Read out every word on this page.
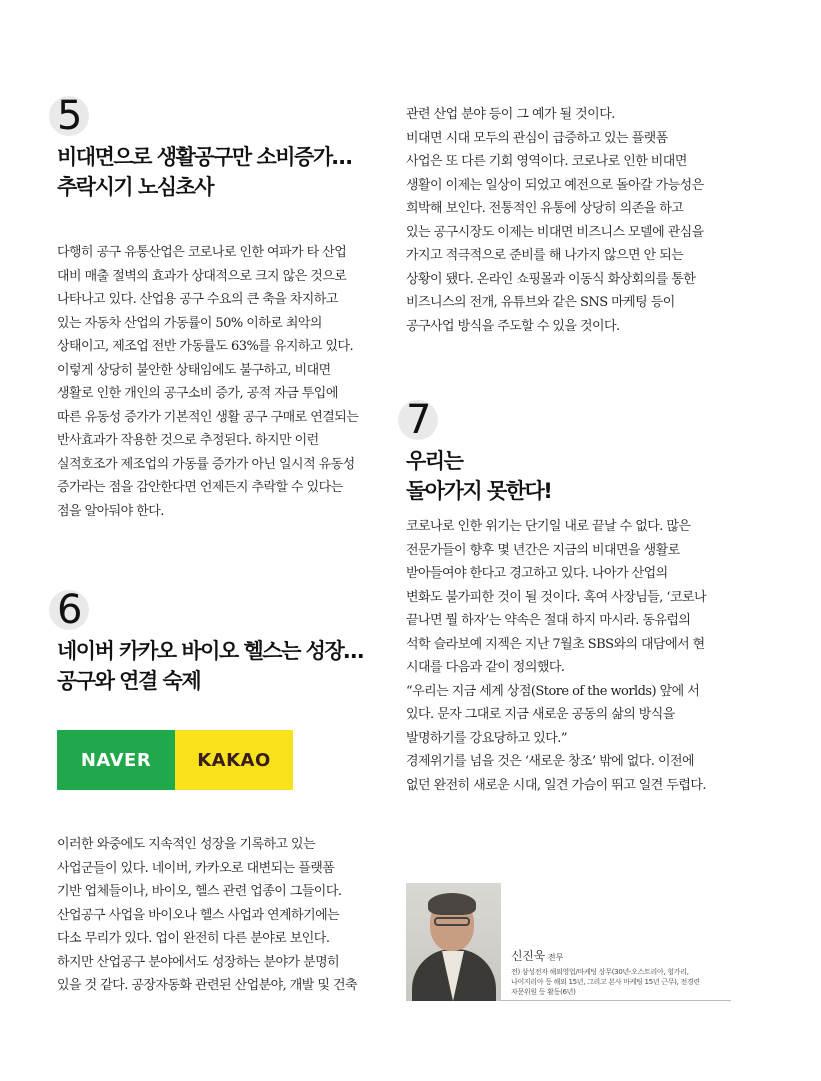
5
비대면으로 생활공구만 소비증가…
추락시기 노심초사

다행히 공구 유통산업은 코로나로 인한 여파가 타 산업
대비 매출 절벽의 효과가 상대적으로 크지 않은 것으로
나타나고 있다. 산업용 공구 수요의 큰 축을 차지하고
있는 자동차 산업의 가동률이 50% 이하로 최악의
상태이고, 제조업 전반 가동률도 63%를 유지하고 있다.
이렇게 상당히 불안한 상태임에도 불구하고, 비대면
생활로 인한 개인의 공구소비 증가, 공적 자금 투입에
따른 유동성 증가가 기본적인 생활 공구 구매로 연결되는
반사효과가 작용한 것으로 추정된다. 하지만 이런
실적호조가 제조업의 가동률 증가가 아닌 일시적 유동성
증가라는 점을 감안한다면 언제든지 추락할 수 있다는
점을 알아둬야 한다.

6
네이버 카카오 바이오 헬스는 성장…
공구와 연결 숙제
NAVER	KAKAO

이러한 와중에도 지속적인 성장을 기록하고 있는
사업군들이 있다. 네이버, 카카오로 대변되는 플랫폼
기반 업체들이나, 바이오, 헬스 관련 업종이 그들이다.
산업공구 사업을 바이오나 헬스 사업과 연계하기에는
다소 무리가 있다. 업이 완전히 다른 분야로 보인다.
하지만 산업공구 분야에서도 성장하는 분야가 분명히
있을 것 같다. 공장자동화 관련된 산업분야, 개발 및 건축

관련 산업 분야 등이 그 예가 될 것이다.
비대면 시대 모두의 관심이 급증하고 있는 플랫폼
사업은 또 다른 기회 영역이다. 코로나로 인한 비대면
생활이 이제는 일상이 되었고 예전으로 돌아갈 가능성은
희박해 보인다. 전통적인 유통에 상당히 의존을 하고
있는 공구시장도 이제는 비대면 비즈니스 모델에 관심을
가지고 적극적으로 준비를 해 나가지 않으면 안 되는
상황이 됐다. 온라인 쇼핑몰과 이동식 화상회의를 통한
비즈니스의 전개, 유튜브와 같은 SNS 마케팅 등이
공구사업 방식을 주도할 수 있을 것이다.

7
우리는
돌아가지 못한다!

코로나로 인한 위기는 단기일 내로 끝날 수 없다. 많은
전문가들이 향후 몇 년간은 지금의 비대면을 생활로
받아들여야 한다고 경고하고 있다. 나아가 산업의
변화도 불가피한 것이 될 것이다. 혹여 사장님들, ‘코로나
끝나면 뭘 하자’는 약속은 절대 하지 마시라. 동유럽의
석학 슬라보예 지젝은 지난 7월초 SBS와의 대담에서 현
시대를 다음과 같이 정의했다.
“우리는 지금 세계 상점(Store of the worlds) 앞에 서
있다. 문자 그대로 지금 새로운 공동의 삶의 방식을
발명하기를 강요당하고 있다.”
경제위기를 넘을 것은 ‘새로운 창조’ 밖에 없다. 이전에
없던 완전히 새로운 시대, 일견 가슴이 뛰고 일견 두렵다.

신진욱 전무

전) 삼성전자 해외영업/마케팅 상무(30년-오스트리아, 헝가리,
나이지리아 등 해외 15년, 그리고 본사 마케팅 15년 근무), 전경련
자문위원 등 활동(6년)
